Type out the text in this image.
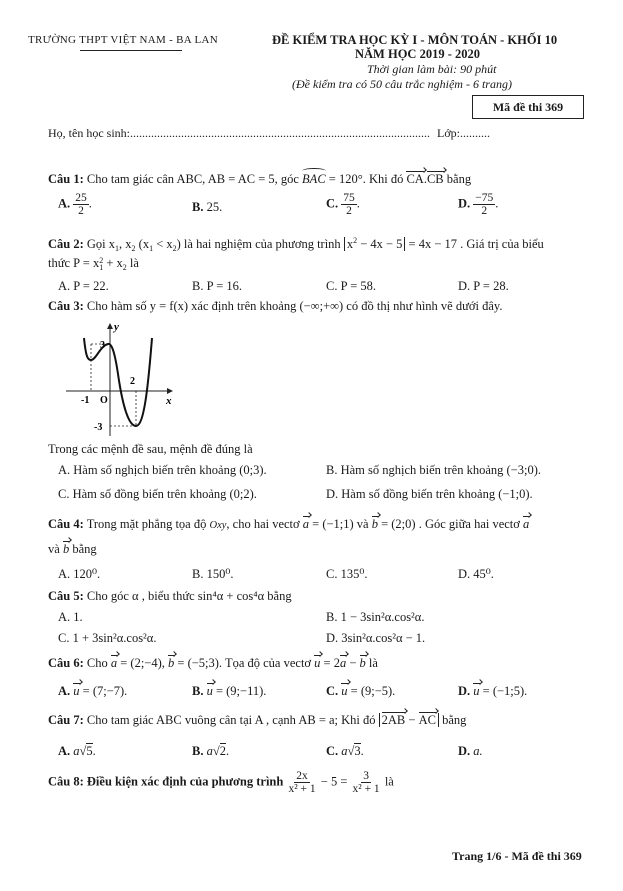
TRƯỜNG THPT VIỆT NAM - BA LAN	ĐỀ KIỂM TRA HỌC KỲ I - MÔN TOÁN - KHỐI 10
NĂM HỌC 2019 - 2020
Thời gian làm bài: 90 phút
(Đề kiểm tra có 50 câu trắc nghiệm - 6 trang)
Mã đề thi 369
Họ, tên học sinh:.................................................................................................... Lớp:..........
Câu 1: Cho tam giác cân ABC, AB = AC = 5, góc BAC = 120°. Khi đó CA.CB bằng
A. $\frac{25}{2}$ .	B. 25.	C. $\frac{75}{2}$ .	D. $\frac{-75}{2}$ .
Câu 2: Gọi $x_1$, $x_2$ $(x_1 < x_2)$ là hai nghiệm của phương trình $x^2 - 4x - 5 = 4x - 17$ . Giá trị của biểu
thức P = x 2
$1 + x_2$ là
A. P = 22.	B. P = 16.	C. P = 58.	D. P = 28.
Câu 3: Cho hàm số y = f(x) xác định trên khoảng (−∞;+∞) có đồ thị như hình vẽ dưới đây.
y
x
3
2
-1 O
-3
Trong các mệnh đề sau, mệnh đề đúng là
A. Hàm số nghịch biến trên khoảng (0;3).	B. Hàm số nghịch biến trên khoảng (−3;0).
C. Hàm số đồng biến trên khoảng (0;2).	D. Hàm số đồng biến trên khoảng (−1;0).
Câu 4: Trong mặt phẳng tọa độ Oxy, cho hai vectơ a = (−1;1) và b = (2;0) . Góc giữa hai vectơ a
và b bằng
A. 120⁰.	B. 150⁰.	C. 135⁰.	D. 45⁰.
Câu 5: Cho góc α , biểu thức sin⁴α + cos⁴α bằng
A. 1.	B. 1 − 3sin²α.cos²α.
C. 1 + 3sin²α.cos²α.	D. 3sin²α.cos²α − 1.
Câu 6: Cho a = (2;−4), b = (−5;3). Tọa độ của vectơ u = 2a − b là
A. u = (7;−7).	B. u = (9;−11).	C. u = (9;−5).	D. u = (−1;5).
Câu 7: Cho tam giác ABC vuông cân tại A , cạnh AB = a; Khi đó 2AB − AC bằng
A. a√5.	B. a√2.	C. a√3.	D. a.
Câu 8: Điều kiện xác định của phương trình $\frac{2x}{\text{x² + 1}} - 5 = \frac{3}{\text{x² + 1}}$ là
Trang 1/6 - Mã đề thi 369
